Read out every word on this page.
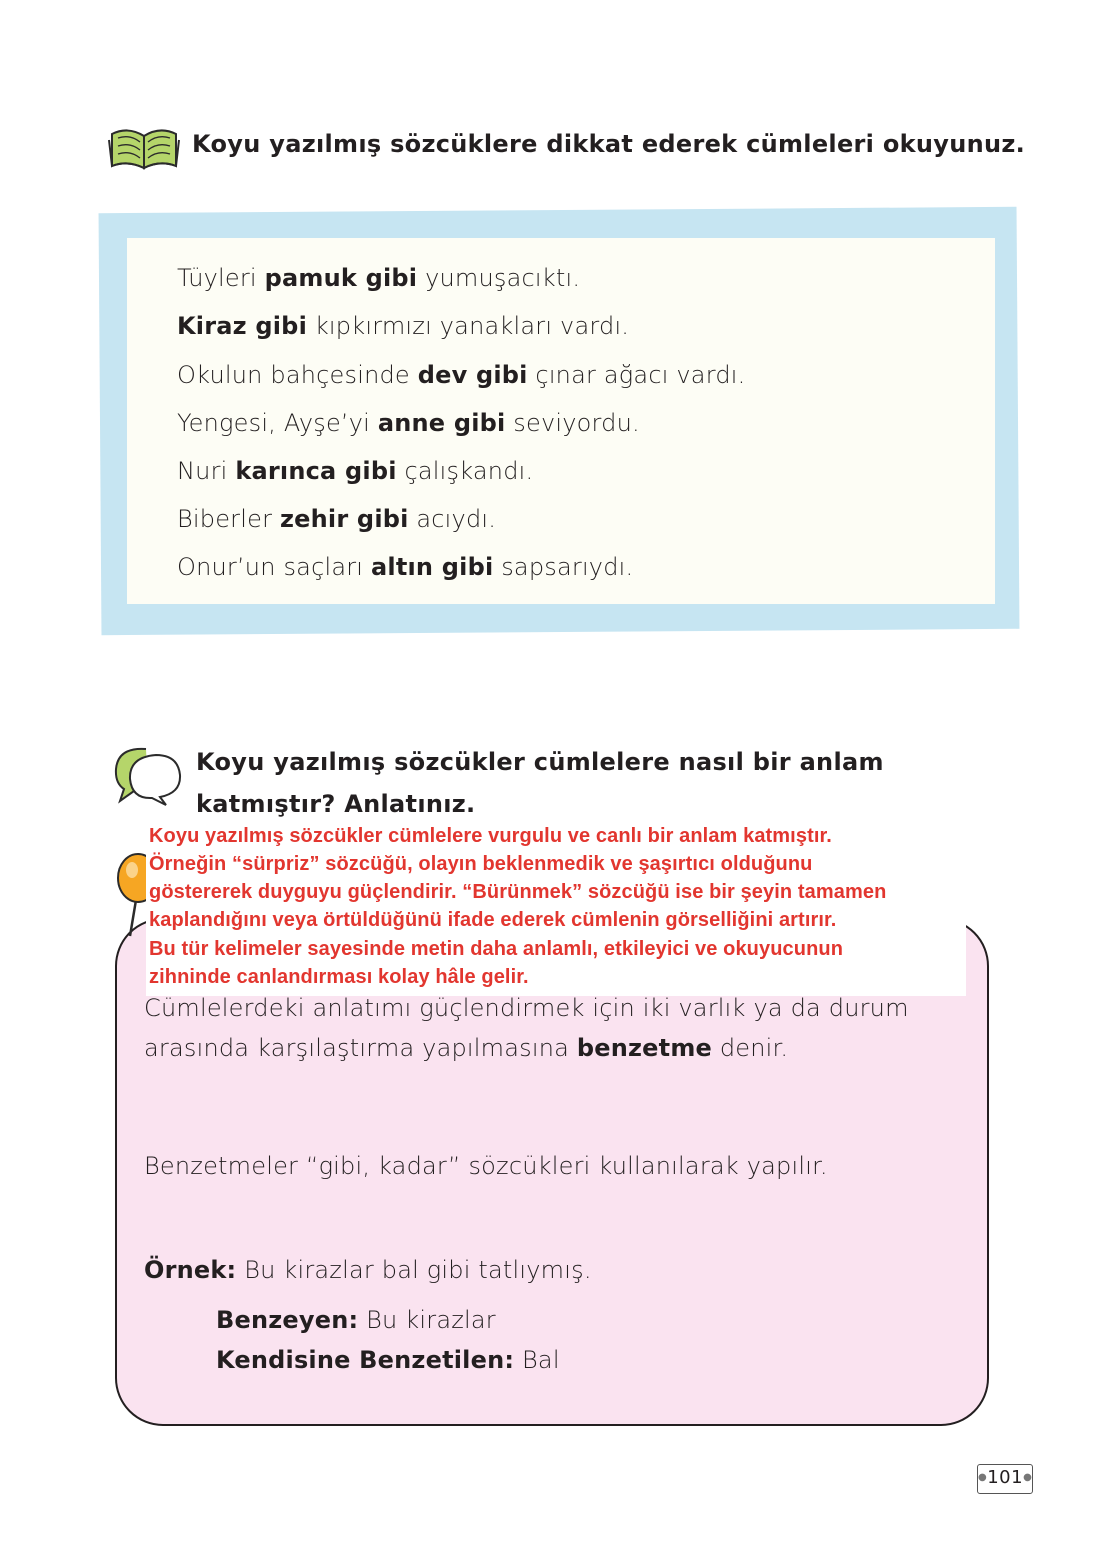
Koyu yazılmış sözcüklere dikkat ederek cümleleri okuyunuz.
Tüyleri pamuk gibi yumuşacıktı.
Kiraz gibi kıpkırmızı yanakları vardı.
Okulun bahçesinde dev gibi çınar ağacı vardı.
Yengesi, Ayşe’yi anne gibi seviyordu.
Nuri karınca gibi çalışkandı.
Biberler zehir gibi acıydı.
Onur’un saçları altın gibi sapsarıydı.
Koyu yazılmış sözcükler cümlelere nasıl bir anlam katmıştır? Anlatınız.
Koyu yazılmış sözcükler cümlelere vurgulu ve canlı bir anlam katmıştır.
Örneğin “sürpriz” sözcüğü, olayın beklenmedik ve şaşırtıcı olduğunu
göstererek duyguyu güçlendirir. “Bürünmek” sözcüğü ise bir şeyin tamamen
kaplandığını veya örtüldüğünü ifade ederek cümlenin görselliğini artırır.
Bu tür kelimeler sayesinde metin daha anlamlı, etkileyici ve okuyucunun
zihninde canlandırması kolay hâle gelir.
Cümlelerdeki anlatımı güçlendirmek için iki varlık ya da durum
arasında karşılaştırma yapılmasına benzetme denir.
Benzetmeler “gibi, kadar” sözcükleri kullanılarak yapılır.
Örnek: Bu kirazlar bal gibi tatlıymış.
Benzeyen: Bu kirazlar
Kendisine Benzetilen: Bal
●101●
